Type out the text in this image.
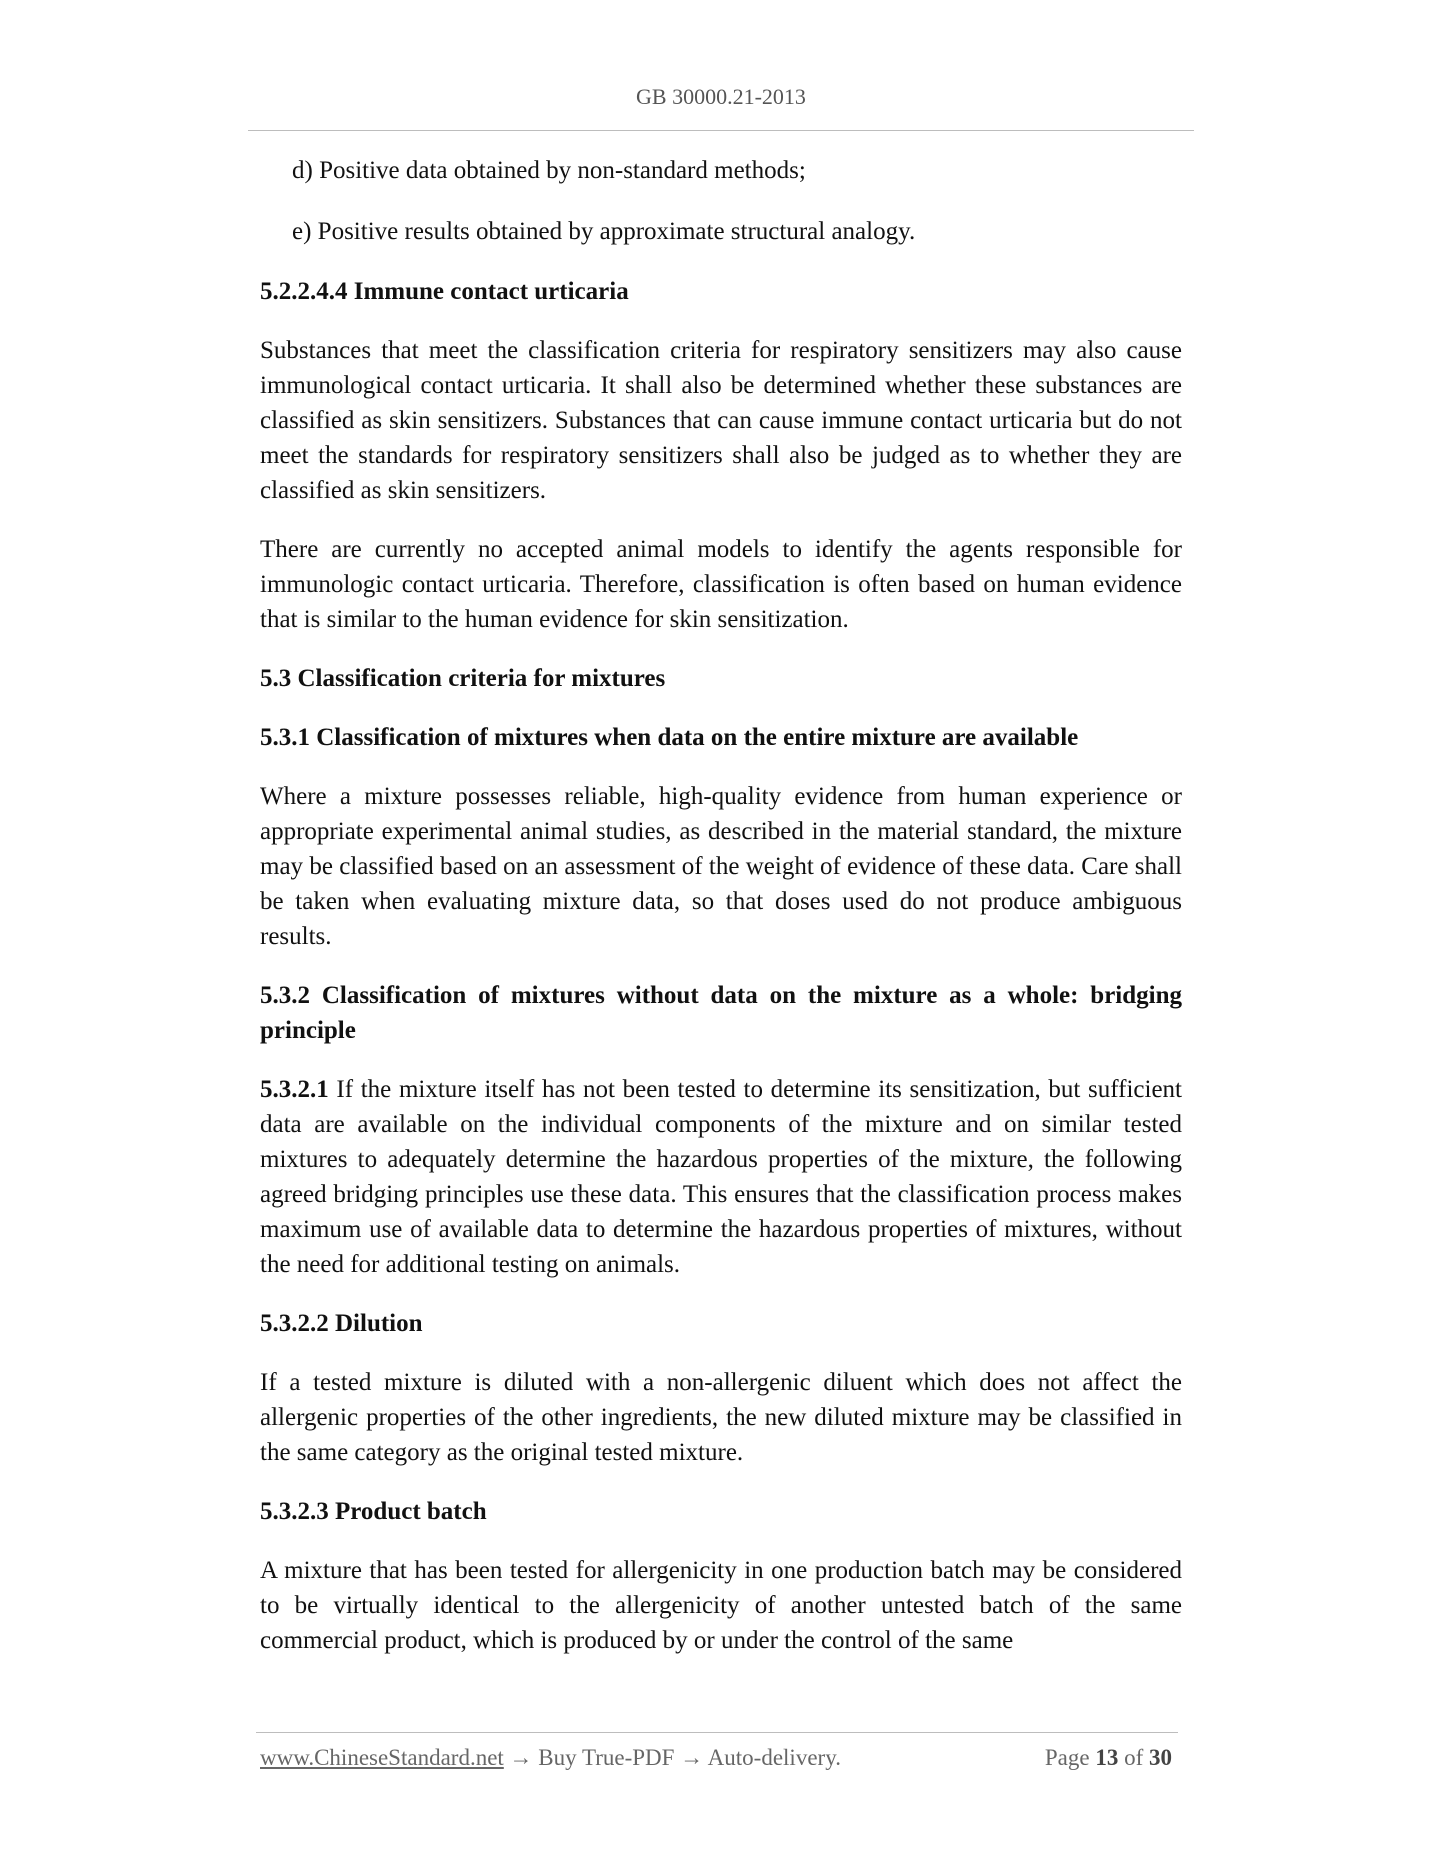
GB 30000.21-2013
d) Positive data obtained by non-standard methods;
e) Positive results obtained by approximate structural analogy.
5.2.2.4.4 Immune contact urticaria
Substances that meet the classification criteria for respiratory sensitizers may also cause immunological contact urticaria. It shall also be determined whether these substances are classified as skin sensitizers. Substances that can cause immune contact urticaria but do not meet the standards for respiratory sensitizers shall also be judged as to whether they are classified as skin sensitizers.
There are currently no accepted animal models to identify the agents responsible for immunologic contact urticaria. Therefore, classification is often based on human evidence that is similar to the human evidence for skin sensitization.
5.3 Classification criteria for mixtures
5.3.1 Classification of mixtures when data on the entire mixture are available
Where a mixture possesses reliable, high-quality evidence from human experience or appropriate experimental animal studies, as described in the material standard, the mixture may be classified based on an assessment of the weight of evidence of these data. Care shall be taken when evaluating mixture data, so that doses used do not produce ambiguous results.
5.3.2 Classification of mixtures without data on the mixture as a whole: bridging principle
5.3.2.1 If the mixture itself has not been tested to determine its sensitization, but sufficient data are available on the individual components of the mixture and on similar tested mixtures to adequately determine the hazardous properties of the mixture, the following agreed bridging principles use these data. This ensures that the classification process makes maximum use of available data to determine the hazardous properties of mixtures, without the need for additional testing on animals.
5.3.2.2 Dilution
If a tested mixture is diluted with a non-allergenic diluent which does not affect the allergenic properties of the other ingredients, the new diluted mixture may be classified in the same category as the original tested mixture.
5.3.2.3 Product batch
A mixture that has been tested for allergenicity in one production batch may be considered to be virtually identical to the allergenicity of another untested batch of the same commercial product, which is produced by or under the control of the same
www.ChineseStandard.net → Buy True-PDF → Auto-delivery.	Page 13 of 30
